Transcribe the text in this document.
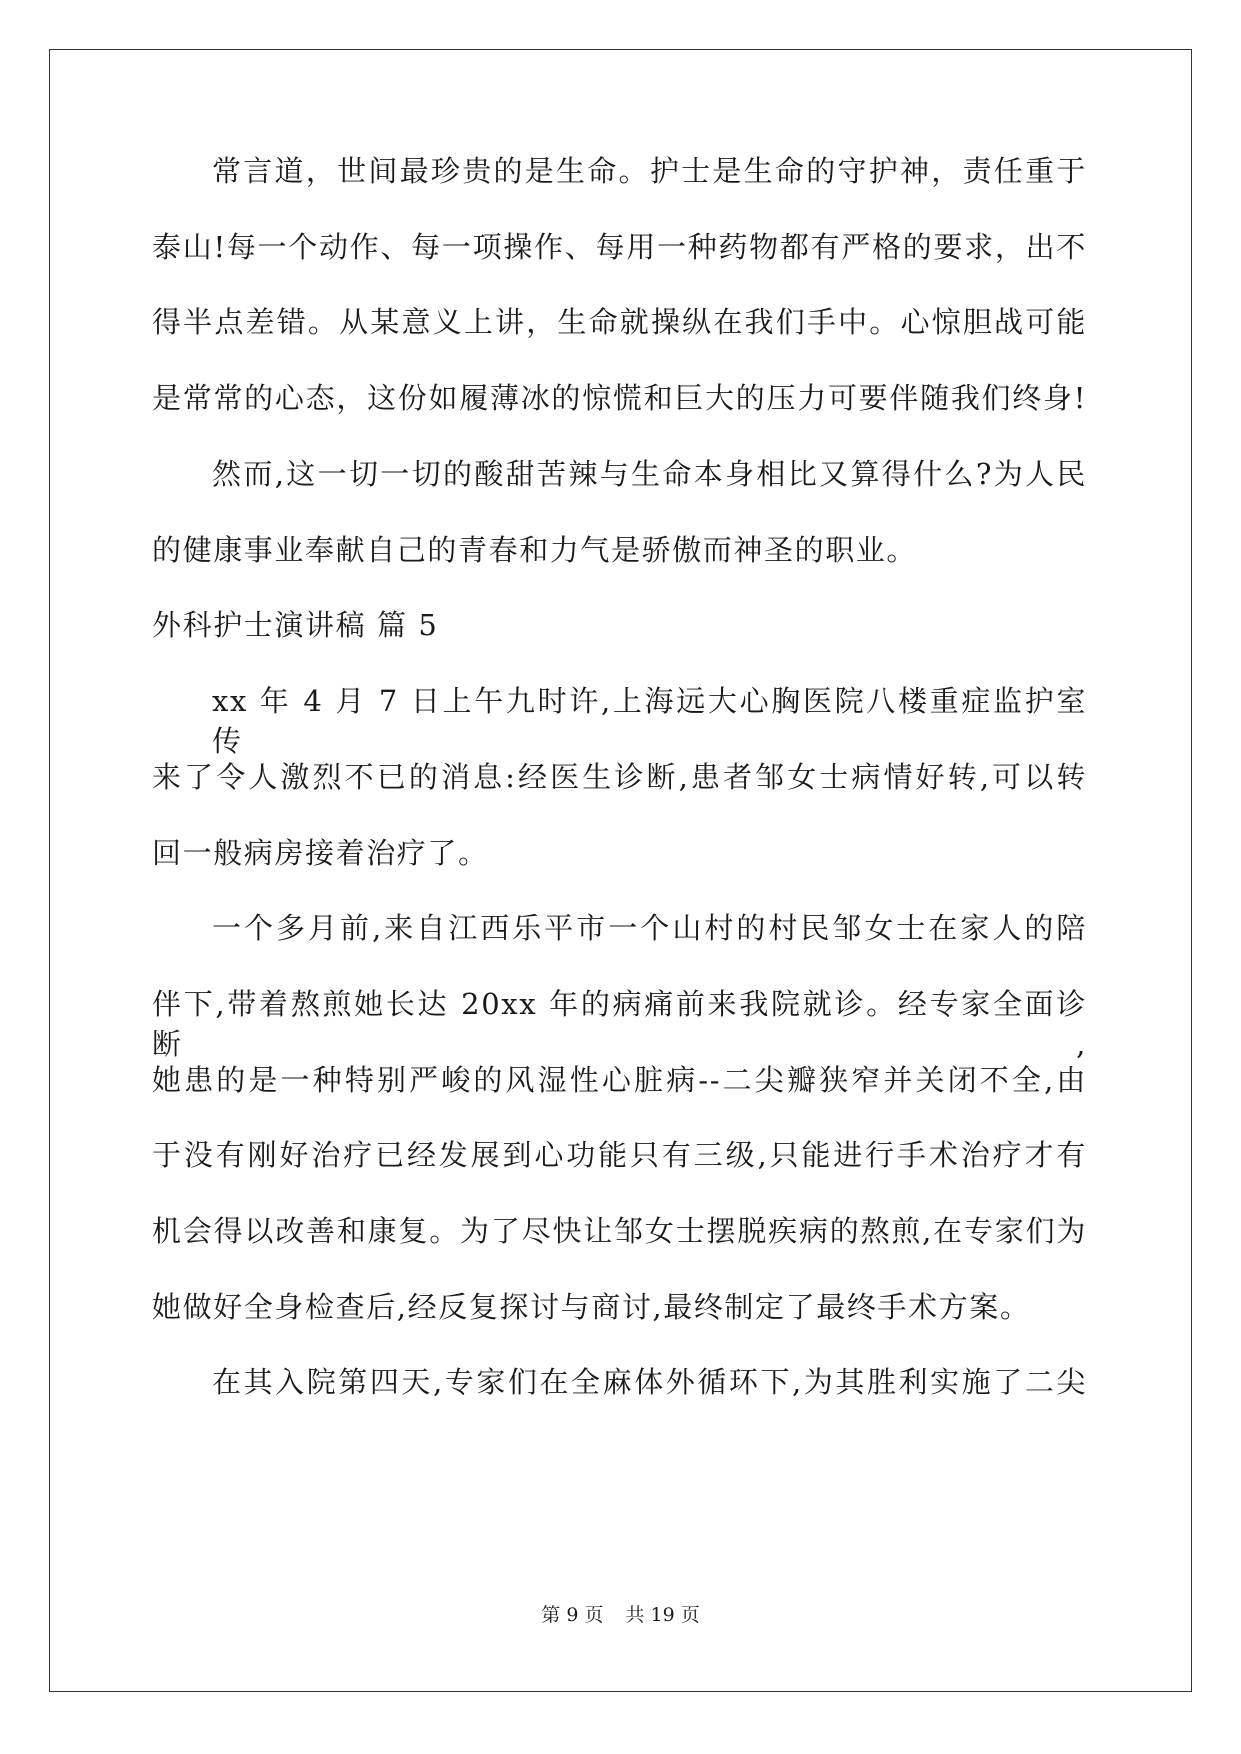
常言道，世间最珍贵的是生命。护士是生命的守护神，责任重于
泰山!每一个动作、每一项操作、每用一种药物都有严格的要求，出不
得半点差错。从某意义上讲，生命就操纵在我们手中。心惊胆战可能
是常常的心态，这份如履薄冰的惊慌和巨大的压力可要伴随我们终身!
然而,这一切一切的酸甜苦辣与生命本身相比又算得什么?为人民
的健康事业奉献自己的青春和力气是骄傲而神圣的职业。
外科护士演讲稿 篇 5
xx 年 4 月 7 日上午九时许,上海远大心胸医院八楼重症监护室传
来了令人激烈不已的消息:经医生诊断,患者邹女士病情好转,可以转
回一般病房接着治疗了。
一个多月前,来自江西乐平市一个山村的村民邹女士在家人的陪
伴下,带着熬煎她长达 20xx 年的病痛前来我院就诊。经专家全面诊断,
她患的是一种特别严峻的风湿性心脏病--二尖瓣狭窄并关闭不全,由
于没有刚好治疗已经发展到心功能只有三级,只能进行手术治疗才有
机会得以改善和康复。为了尽快让邹女士摆脱疾病的熬煎,在专家们为
她做好全身检查后,经反复探讨与商讨,最终制定了最终手术方案。
在其入院第四天,专家们在全麻体外循环下,为其胜利实施了二尖
第 9 页 共 19 页
